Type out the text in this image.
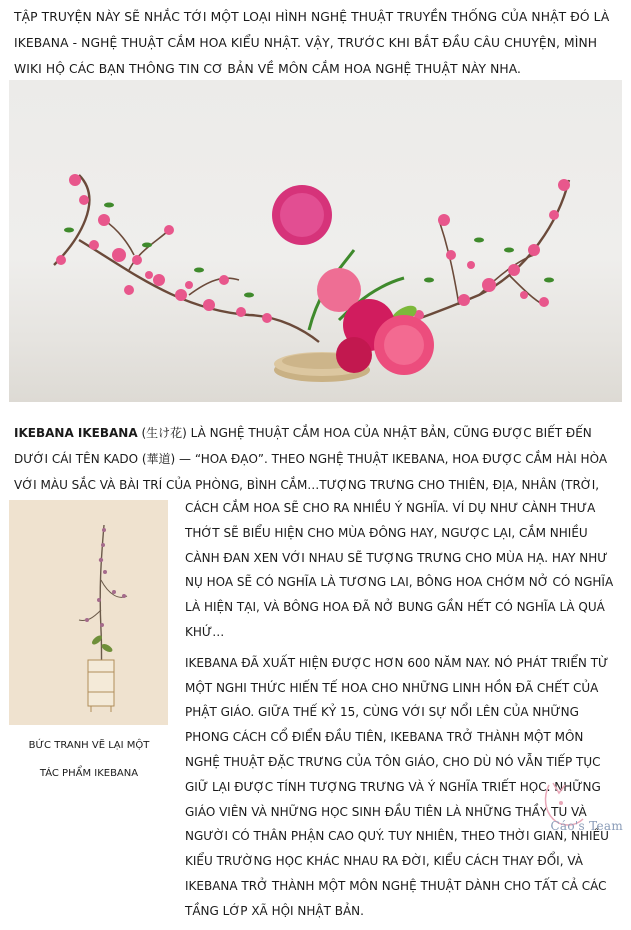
TẬP TRUYỆN NÀY SẼ NHẮC TỚI MỘT LOẠI HÌNH NGHỆ THUẬT TRUYỀN THỐNG CỦA NHẬT ĐÓ LÀ IKEBANA - NGHỆ THUẬT CẮM HOA KIỂU NHẬT. VẬY, TRƯỚC KHI BẮT ĐẦU CÂU CHUYỆN, MÌNH WIKI HỘ CÁC BẠN THÔNG TIN CƠ BẢN VỀ MÔN CẮM HOA NGHỆ THUẬT NÀY NHA.
IKEBANA IKEBANA (生け花) LÀ NGHỆ THUẬT CẮM HOA CỦA NHẬT BẢN, CŨNG ĐƯỢC BIẾT ĐẾN DƯỚI CÁI TÊN KADO (華道) — “HOA ĐẠO”. THEO NGHỆ THUẬT IKEBANA, HOA ĐƯỢC CẮM HÀI HÒA VỚI MÀU SẮC VÀ BÀI TRÍ CỦA PHÒNG, BÌNH CẮM…TƯỢNG TRƯNG CHO THIÊN, ĐỊA, NHÂN (TRỜI,
BỨC TRANH VẼ LẠI MỘT
TÁC PHẨM IKEBANA

CÁCH CẮM HOA SẼ CHO RA NHIỀU Ý NGHĨA. VÍ DỤ NHƯ CÀNH THƯA THỚT SẼ BIỂU HIỆN CHO MÙA ĐÔNG HAY, NGƯỢC LẠI, CẮM NHIỀU CÀNH ĐAN XEN VỚI NHAU SẼ TƯỢNG TRƯNG CHO MÙA HẠ. HAY NHƯ NỤ HOA SẼ CÓ NGHĨA LÀ TƯƠNG LAI, BÔNG HOA CHỚM NỞ CÓ NGHĨA LÀ HIỆN TẠI, VÀ BÔNG HOA ĐÃ NỞ BUNG GẦN HẾT CÓ NGHĨA LÀ QUÁ KHỨ…

IKEBANA ĐÃ XUẤT HIỆN ĐƯỢC HƠN 600 NĂM NAY. NÓ PHÁT TRIỂN TỪ MỘT NGHI THỨC HIẾN TẾ HOA CHO NHỮNG LINH HỒN ĐÃ CHẾT CỦA PHẬT GIÁO. GIỮA THẾ KỶ 15, CÙNG VỚI SỰ NỔI LÊN CỦA NHỮNG PHONG CÁCH CỔ ĐIỂN ĐẦU TIÊN, IKEBANA TRỞ THÀNH MỘT MÔN NGHỆ THUẬT ĐẶC TRƯNG CỦA TÔN GIÁO, CHO DÙ NÓ VẪN TIẾP TỤC GIỮ LẠI ĐƯỢC TÍNH TƯỢNG TRƯNG VÀ Ý NGHĨA TRIẾT HỌC. NHỮNG GIÁO VIÊN VÀ NHỮNG HỌC SINH ĐẦU TIÊN LÀ NHỮNG THẦY TU VÀ NGƯỜI CÓ THÂN PHẬN CAO QUÝ. TUY NHIÊN, THEO THỜI GIAN, NHIỀU KIỂU TRƯỜNG HỌC KHÁC NHAU RA ĐỜI, KIỂU CÁCH THAY ĐỔI, VÀ IKEBANA TRỞ THÀNH MỘT MÔN NGHỆ THUẬT DÀNH CHO TẤT CẢ CÁC TẦNG LỚP XÃ HỘI NHẬT BẢN.

Cáo's Team
